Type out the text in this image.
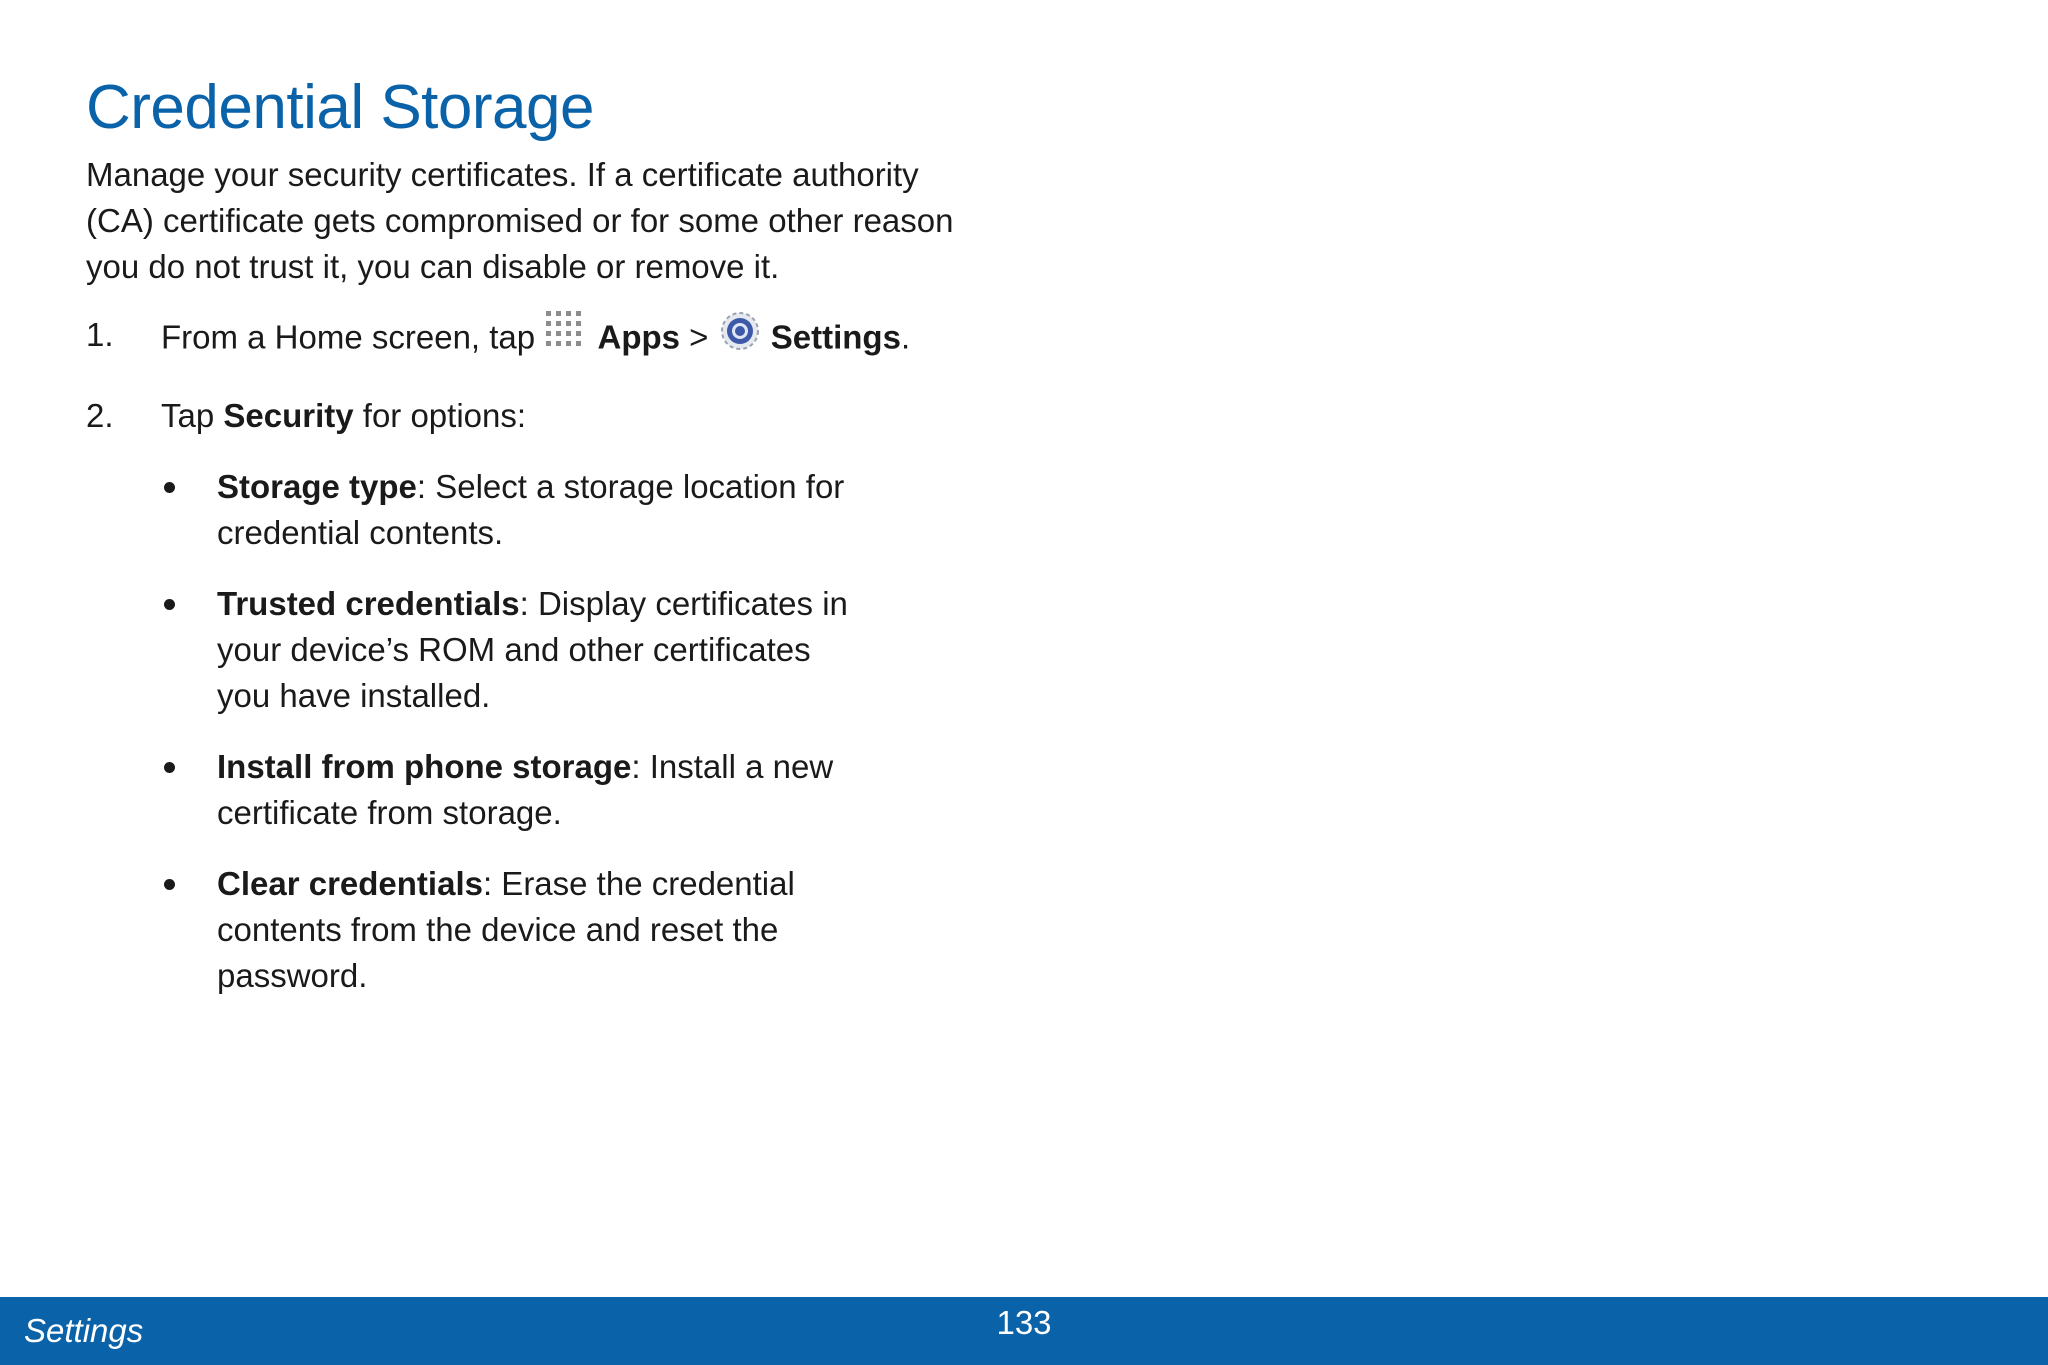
Credential Storage

Manage your security certificates. If a certificate authority (CA) certificate gets compromised or for some other reason you do not trust it, you can disable or remove it.

1. From a Home screen, tap  Apps >  Settings.
2. Tap Security for options:
Storage type: Select a storage location for credential contents.
Trusted credentials: Display certificates in your device’s ROM and other certificates you have installed.
Install from phone storage: Install a new certificate from storage.
Clear credentials: Erase the credential contents from the device and reset the password.
Settings	133
